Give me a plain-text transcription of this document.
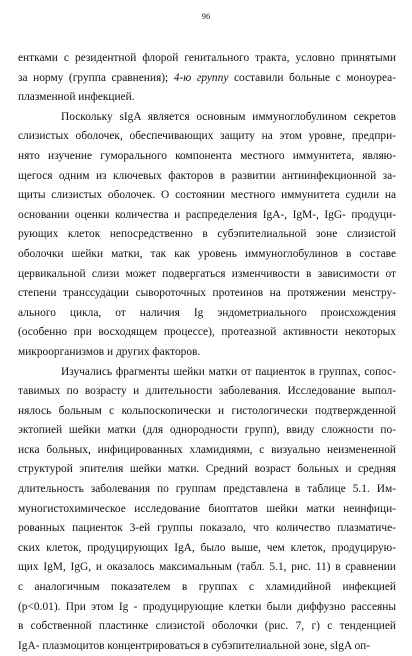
96
ентками с резидентной флорой генитального тракта, условно принятыми
за норму (группа сравнения); 4-ю группу составили больные с моноуреа-
плазменной инфекцией.
Поскольку sIgA является основным иммуноглобулином секретов
слизистых оболочек, обеспечивающих защиту на этом уровне, предпри-
нято изучение гуморального компонента местного иммунитета, являю-
щегося одним из ключевых факторов в развитии антиинфекционной за-
щиты слизистых оболочек. О состоянии местного иммунитета судили на
основании оценки количества и распределения IgA-, IgM-, IgG- продуци-
рующих клеток непосредственно в субэпителиальной зоне слизистой
оболочки шейки матки, так как уровень иммуноглобулинов в составе
цервикальной слизи может подвергаться изменчивости в зависимости от
степени транссудации сывороточных протеинов на протяжении менстру-
ального цикла, от наличия Ig эндометриального происхождения
(особенно при восходящем процессе), протеазной активности некоторых
микроорганизмов и других факторов.
Изучались фрагменты шейки матки от пациенток в группах, сопос-
тавимых по возрасту и длительности заболевания. Исследование выпол-
нялось больным с кольпоскопически и гистологически подтвержденной
эктопией шейки матки (для однородности групп), ввиду сложности по-
иска больных, инфицированных хламидиями, с визуально неизмененной
структурой эпителия шейки матки. Средний возраст больных и средняя
длительность заболевания по группам представлена в таблице 5.1. Им-
муногистохимическое исследование биоптатов шейки матки неинфици-
рованных пациенток 3-ей группы показало, что количество плазматиче-
ских клеток, продуцирующих IgA, было выше, чем клеток, продуцирую-
щих IgM, IgG, и оказалось максимальным (табл. 5.1, рис. 11) в сравнении
с аналогичным показателем в группах с хламидийной инфекцией
(p<0.01). При этом Ig - продуцирующие клетки были диффузно рассеяны
в собственной пластинке слизистой оболочки (рис. 7, г) с тенденцией
IgA- плазмоцитов концентрироваться в субэпителиальной зоне, sIgA оп-
